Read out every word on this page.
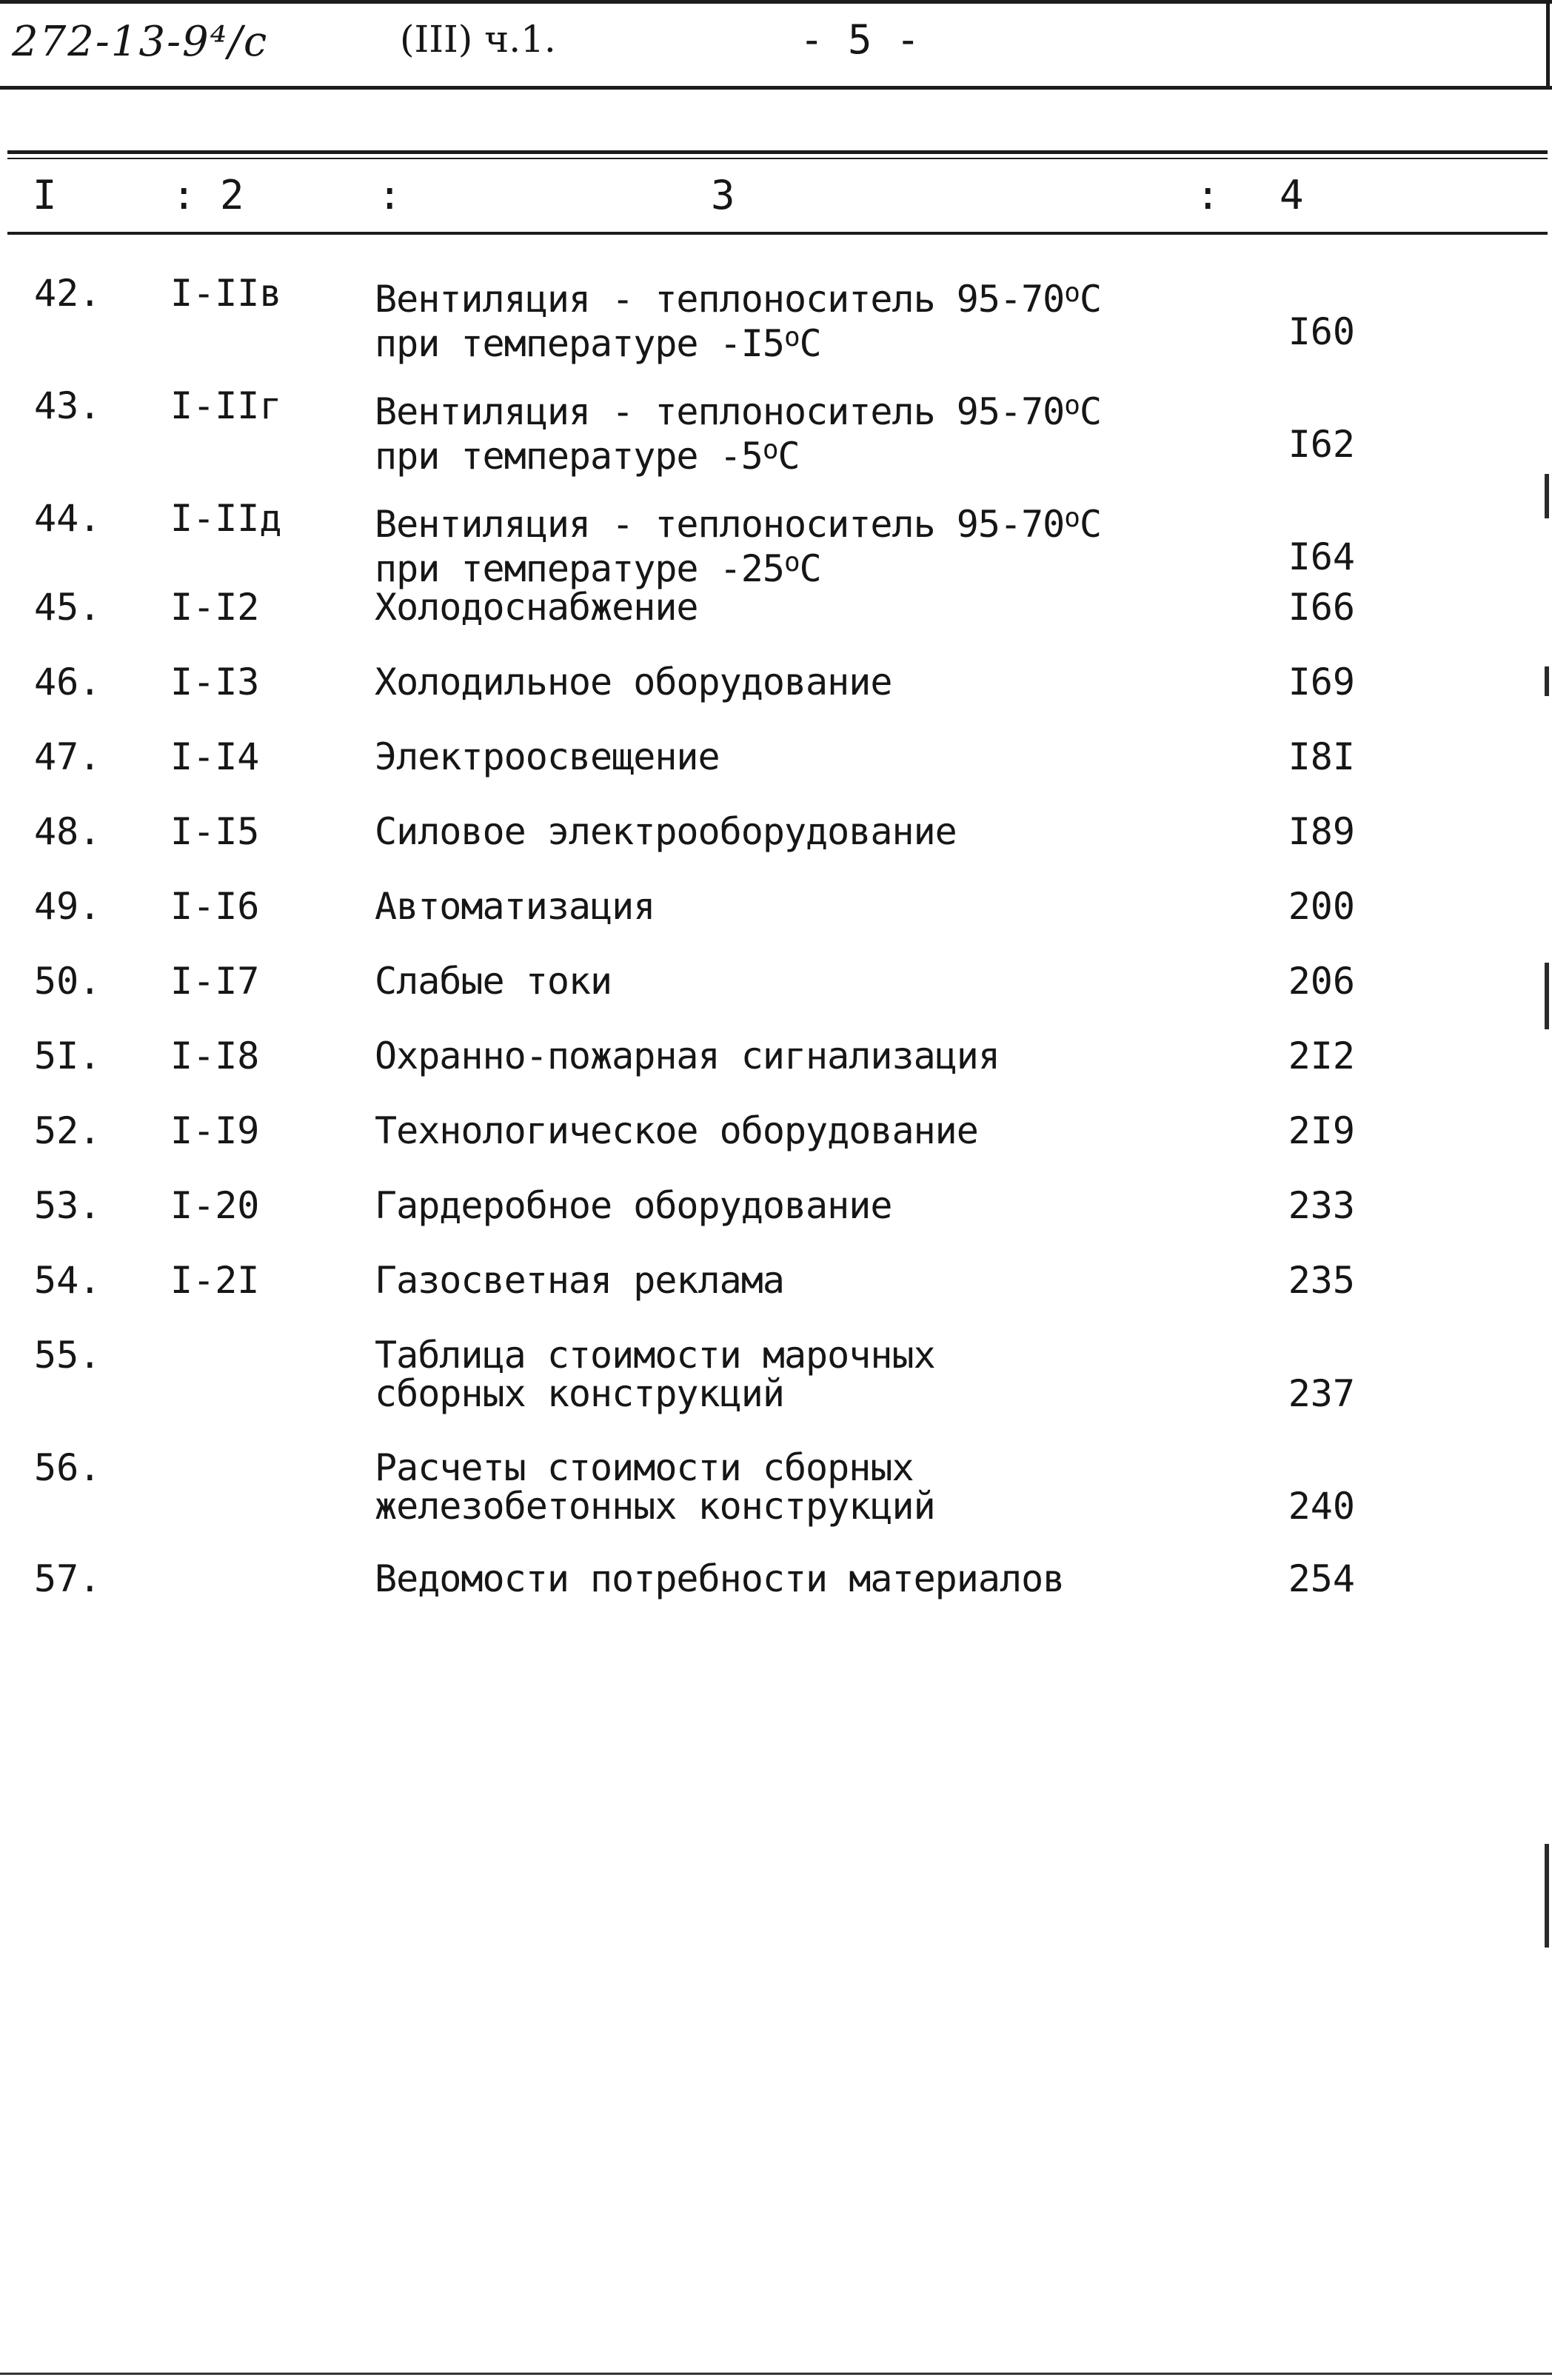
272-13-9⁴/с	(III) ч.1.	- 5 -
I	: 2	:	3	: 4
42. I-IIв	Вентиляция - теплоноситель 95-70$^o$С
при температуре -I5$^o$С	I60
43. I-IIг	Вентиляция - теплоноситель 95-70$^o$С
при температуре -5$^o$С	I62
44. I-IIд	Вентиляция - теплоноситель 95-70$^o$С
при температуре -25$^o$С	I64
45. I-I2	Холодоснабжение	I66
46. I-I3	Холодильное оборудование	I69
47. I-I4	Электроосвещение	I8I
48. I-I5	Силовое электрооборудование	I89
49. I-I6	Автоматизация	200
50. I-I7	Слабые токи	206
5I. I-I8	Охранно-пожарная сигнализация	2I2
52. I-I9	Технологическое оборудование	2I9
53. I-20	Гардеробное оборудование	233
54. I-2I	Газосветная реклама	235
55.	Таблица стоимости марочных
сборных конструкций	237
56.	Расчеты стоимости сборных
железобетонных конструкций	240
57.	Ведомости потребности материалов	254
